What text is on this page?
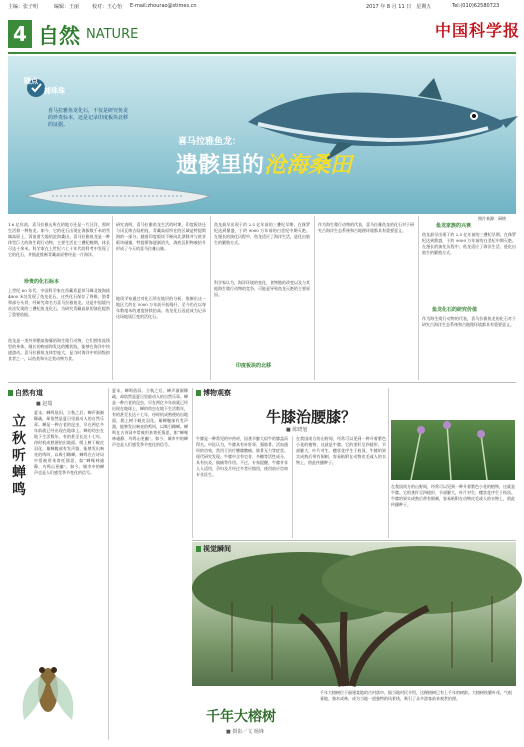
主编：张子明	编辑：王丽	校对：王心怡 E-mail:zhourao@stimes.cn	2017 年 8 月 11 日　星期五	Tel:(010)62580723
4 自然 NATURE	中国科学报
随点
捕珠珠
喜马拉雅鱼龙化石，不仅是研究鱼龙的珍贵标本，还是记录印度板块北移的证据。
喜马拉雅鱼龙：
遗骸里的沧海桑田
图片来源：网络
1.6 亿年前，喜马拉雅山所在的地方还是一片汪洋，那时生活着一种鱼龙。如今，它的化石出现在海拔数千米的雪域高原上，诉说着大地的沧海桑田。喜马拉雅鱼龙是一种体型巨大的海生爬行动物，主要生活在三叠纪晚期，体长可达十余米。科学家在上世纪六七十年代的科考中发现了它的化石，并据此推断青藏高原曾经是一片海洋。
珍贵的化石标本
上世纪 60 年代，中国科学家在西藏希夏邦马峰北坡海拔 4800 米处发现了鱼龙化石。这些化石保存了脊椎、肋骨和部分头骨，经研究命名为喜马拉雅鱼龙。这是中国境内首次发现的三叠纪鱼龙化石，为研究青藏高原的演化提供了重要依据。
鱼龙是一类外形酷似海豚的海生爬行动物，它们拥有流线型的身体、细长的吻部和发达的鳍状肢，能够在海洋中快速游动。喜马拉雅鱼龙体型庞大，是当时海洋中的顶级掠食者之一，以鱼类和头足类动物为食。
研究表明，喜马拉雅鱼龙生活的时期，印度板块还与冈瓦纳古陆相连，青藏高原所在的区域是特提斯海的一部分。随着印度板块不断向北漂移并与欧亚板块碰撞，特提斯海逐渐消失，海底沉积物被抬升形成了今天的喜马拉雅山脉。
地质学家通过对化石所在地层的分析，推断出这一地区大约在 5000 万年前开始隆升，至今仍在以每年数毫米的速度持续抬高。鱼龙化石因此成为记录这场地质巨变的活化石。
鱼龙最早出现于约 2.5 亿年前的三叠纪早期，在侏罗纪达到鼎盛，于约 9000 万年前的白垩纪中期灭绝。在漫长的演化历程中，鱼龙适应了海洋生活，进化出胎生的繁殖方式。
印度板块的北移
科学家认为，海洋环境的变化、食物链的改变以及与其他海生爬行动物的竞争，可能是导致鱼龙灭绝的主要原因。
作为海生爬行动物的代表，喜马拉雅鱼龙的化石对于研究古海洋生态系统和古地理环境都具有重要意义。
鱼龙家族的兴衰
鱼龙最早出现于约 2.5 亿年前的三叠纪早期，在侏罗纪达到鼎盛，于约 9000 万年前的白垩纪中期灭绝。在漫长的演化历程中，鱼龙适应了海洋生活，进化出胎生的繁殖方式。
鱼龙化石的研究价值
作为海生爬行动物的代表，喜马拉雅鱼龙的化石对于研究古海洋生态系统和古地理环境都具有重要意义。
自然有道
立秋听蝉鸣
■ 赵瑞
夏末，蝉鸣依旧。立秋之后，蝉声渐渐稀疏，却依然是夏日里最动人的自然乐章。蝉是一种古老的昆虫，早在两亿多年前就已经出现在地球上。蝉的幼虫在地下生活数年，有的甚至长达十七年，待时机成熟便钻出地面，爬上树干蜕皮羽化。雄蝉腹部有发声器，能够发出响亮的鸣叫，以吸引雌蝉。蝉鸣在古诗词中常被用来寄托情思，如“蝉噪林逾静，鸟鸣山更幽”。如今，城市中的蝉声也是人们感受季节变化的信号。
夏末，蝉鸣依旧。立秋之后，蝉声渐渐稀疏，却依然是夏日里最动人的自然乐章。蝉是一种古老的昆虫，早在两亿多年前就已经出现在地球上。蝉的幼虫在地下生活数年，有的甚至长达十七年，待时机成熟便钻出地面，爬上树干蜕皮羽化。雄蝉腹部有发声器，能够发出响亮的鸣叫，以吸引雌蝉。蝉鸣在古诗词中常被用来寄托情思，如“蝉噪林逾静，鸟鸣山更幽”。如今，城市中的蝉声也是人们感受季节变化的信号。
博物观察
牛膝治腰膝？
■ 陈晓旭
牛膝是一种常见的中药材，因茎节膨大似牛的膝盖而得名。中医认为，牛膝具有补肝肾、强筋骨、活血通经的功效，常用于治疗腰膝酸痛、筋骨无力等症状。现代研究发现，牛膝中含有皂苷、多糖等活性成分，具有抗炎、镇痛等作用。不过，专家提醒，牛膝并非人人适用，孕妇及月经过多者应慎用，使用前应咨询专业医生。
在我国南方的山野间，经常可以见到一种开着紫色小花的植物，这就是牛膝。它的茎秆呈四棱形，节部膨大，叶片对生，穗状花序生于枝顶。牛膝的果实成熟后带有倒刺，容易粘附在动物皮毛或人的衣物上，借此传播种子。
在我国南方的山野间，经常可以见到一种开着紫色小花的植物，这就是牛膝。它的茎秆呈四棱形，节部膨大，叶片对生，穗状花序生于枝顶。牛膝的果实成熟后带有倒刺，容易粘附在动物皮毛或人的衣物上，借此传播种子。
视觉瞬间
千年大榕树
■ 摄影／文 杨锋
千年大榕树位于福建某地的古村落中，据当地村民介绍，这棵榕树已有上千年的树龄。大榕树枝繁叶茂，气根垂地，独木成林，成为当地一道独特的风景线，吸引了众多游客前来观赏拍照。
